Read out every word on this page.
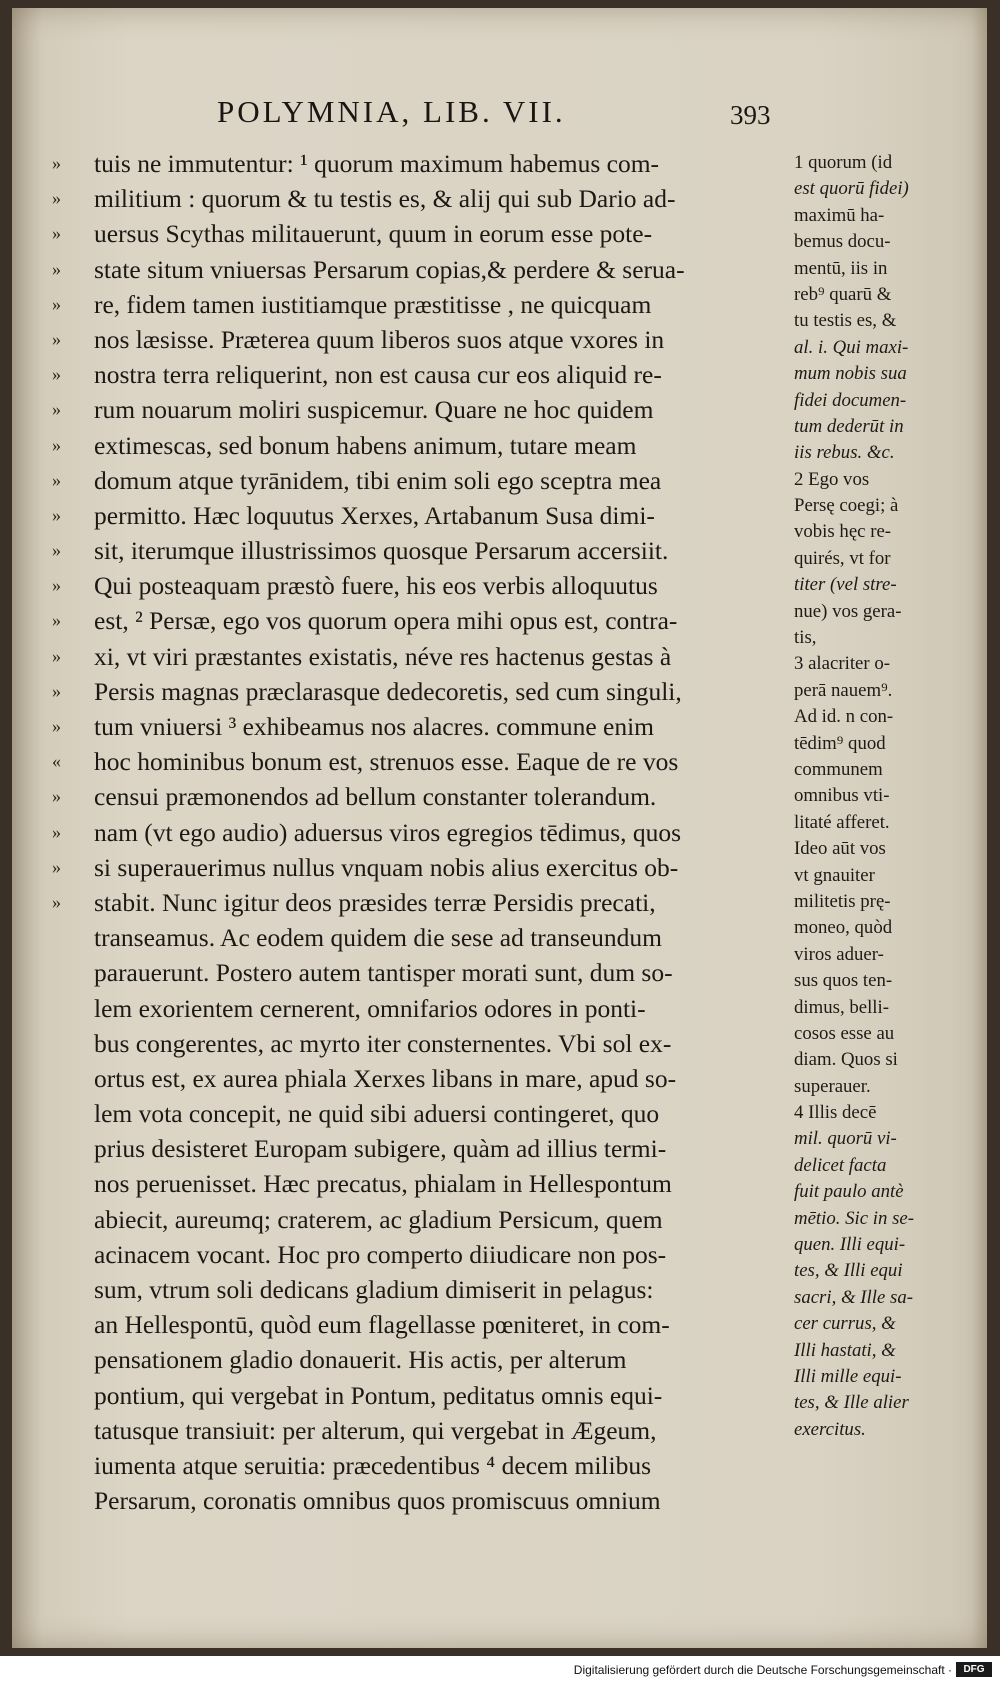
POLYMNIA, LIB. VII.	393
»	tuis ne immutentur: ¹ quorum maximum habemus com-
»	militium : quorum & tu testis es, & alij qui sub Dario ad-
»	uersus Scythas militauerunt, quum in eorum esse pote-
»	state situm vniuersas Persarum copias,& perdere & serua-
»	re, fidem tamen iustitiamque præstitisse , ne quicquam
»	nos læsisse. Præterea quum liberos suos atque vxores in
»	nostra terra reliquerint, non est causa cur eos aliquid re-
»	rum nouarum moliri suspicemur. Quare ne hoc quidem
»	extimescas, sed bonum habens animum, tutare meam
»	domum atque tyrānidem, tibi enim soli ego sceptra mea
»	permitto. Hæc loquutus Xerxes, Artabanum Susa dimi-
»	sit, iterumque illustrissimos quosque Persarum accersiit.
»	Qui posteaquam præstò fuere, his eos verbis alloquutus
»	est, ² Persæ, ego vos quorum opera mihi opus est, contra-
»	xi, vt viri præstantes existatis, néve res hactenus gestas à
»	Persis magnas præclarasque dedecoretis, sed cum singuli,
»	tum vniuersi ³ exhibeamus nos alacres. commune enim
«	hoc hominibus bonum est, strenuos esse. Eaque de re vos
»	censui præmonendos ad bellum constanter tolerandum.
»	nam (vt ego audio) aduersus viros egregios tēdimus, quos
»	si superauerimus nullus vnquam nobis alius exercitus ob-
»	stabit. Nunc igitur deos præsides terræ Persidis precati,
transeamus. Ac eodem quidem die sese ad transeundum
parauerunt. Postero autem tantisper morati sunt, dum so-
lem exorientem cernerent, omnifarios odores in ponti-
bus congerentes, ac myrto iter consternentes. Vbi sol ex-
ortus est, ex aurea phiala Xerxes libans in mare, apud so-
lem vota concepit, ne quid sibi aduersi contingeret, quo
prius desisteret Europam subigere, quàm ad illius termi-
nos peruenisset. Hæc precatus, phialam in Hellespontum
abiecit, aureumq; craterem, ac gladium Persicum, quem
acinacem vocant. Hoc pro comperto diiudicare non pos-
sum, vtrum soli dedicans gladium dimiserit in pelagus:
an Hellespontū, quòd eum flagellasse pœniteret, in com-
pensationem gladio donauerit. His actis, per alterum
pontium, qui vergebat in Pontum, peditatus omnis equi-
tatusque transiuit: per alterum, qui vergebat in Ægeum,
iumenta atque seruitia: præcedentibus ⁴ decem milibus
Persarum, coronatis omnibus quos promiscuus omnium
1 quorum (id
est quorū fidei)
maximū ha-
bemus docu-
mentū, iis in
reb⁹ quarū &
tu testis es, &
al. i. Qui maxi-
mum nobis sua
fidei documen-
tum dederūt in
iis rebus. &c.
2 Ego vos
Persę coegi; à
vobis hęc re-
quirés, vt for
titer (vel stre-
nue) vos gera-
tis,
3 alacriter o-
perā nauem⁹.
Ad id. n con-
tēdim⁹ quod
communem
omnibus vti-
litaté afferet.
Ideo aūt vos
vt gnauiter
militetis prę-
moneo, quòd
viros aduer-
sus quos ten-
dimus, belli-
cosos esse au
diam. Quos si
superauer.
4 Illis decē
mil. quorū vi-
delicet facta
fuit paulo antè
mētio. Sic in se-
quen. Illi equi-
tes, & Illi equi
sacri, & Ille sa-
cer currus, &
Illi hastati, &
Illi mille equi-
tes, & Ille alier
exercitus.
Digitalisierung gefördert durch die Deutsche Forschungsgemeinschaft ·	DFG
